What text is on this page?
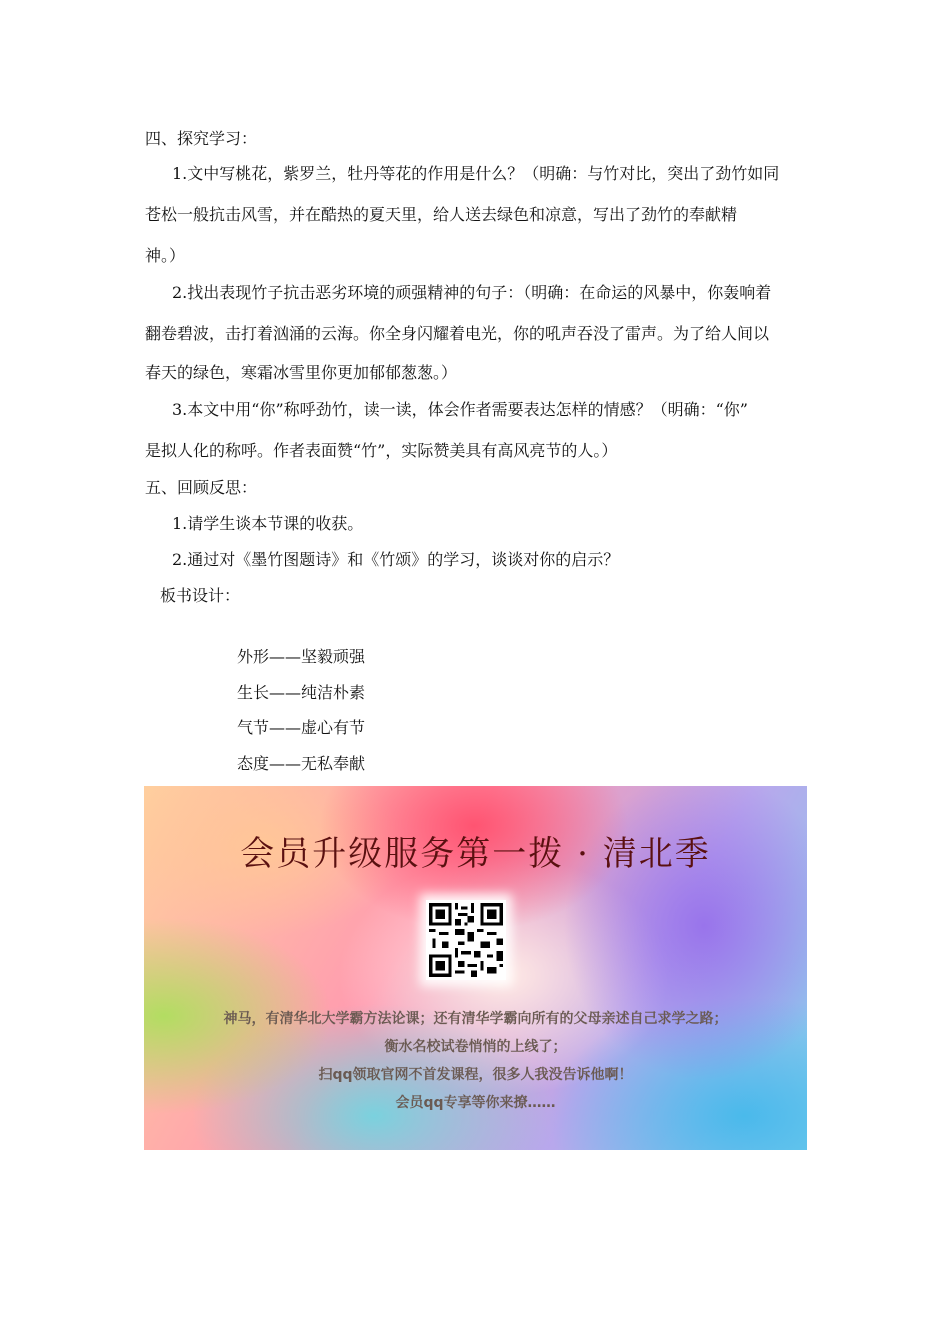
四、探究学习：
1.文中写桃花，紫罗兰，牡丹等花的作用是什么？（明确：与竹对比，突出了劲竹如同
苍松一般抗击风雪，并在酷热的夏天里，给人送去绿色和凉意，写出了劲竹的奉献精
神。）
2.找出表现竹子抗击恶劣环境的顽强精神的句子：（明确：在命运的风暴中，你轰响着
翻卷碧波，击打着汹涌的云海。你全身闪耀着电光，你的吼声吞没了雷声。为了给人间以
春天的绿色，寒霜冰雪里你更加郁郁葱葱。）
3.本文中用“你”称呼劲竹，读一读，体会作者需要表达怎样的情感？（明确：“你”
是拟人化的称呼。作者表面赞“竹”，实际赞美具有高风亮节的人。）
五、回顾反思：
1.请学生谈本节课的收获。
2.通过对《墨竹图题诗》和《竹颂》的学习，谈谈对你的启示？
板书设计：
外形——坚毅顽强
生长——纯洁朴素
气节——虚心有节
态度——无私奉献
会员升级服务第一拨 · 清北季
神马，有清华北大学霸方法论课；还有清华学霸向所有的父母亲述自己求学之路；
衡水名校试卷悄悄的上线了；
扫qq领取官网不首发课程，很多人我没告诉他啊！
会员qq专享等你来撩……
